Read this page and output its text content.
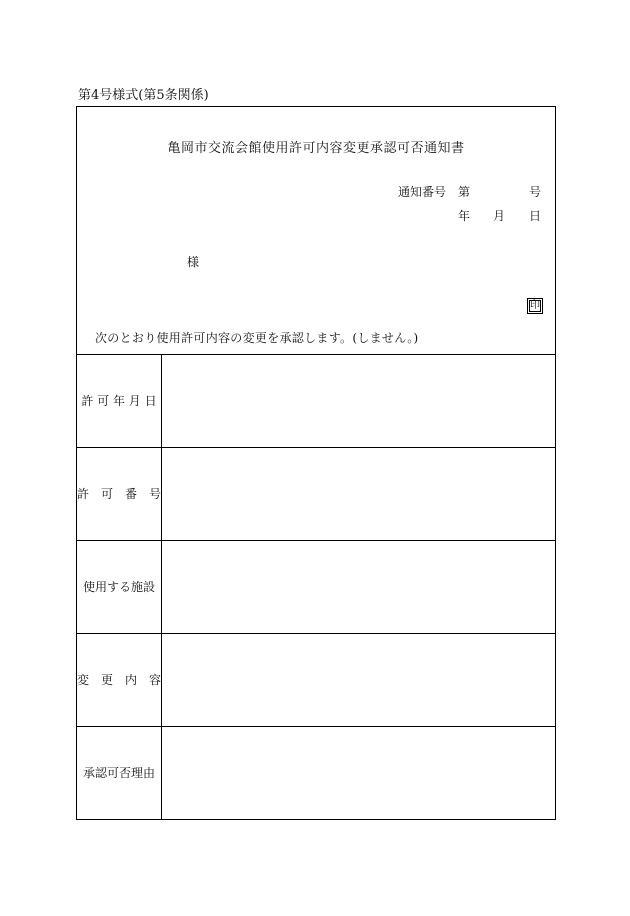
第4号様式(第5条関係)
亀岡市交流会館使用許可内容変更承認可否通知書
通知番号 第	号
年 月 日
様
印
次のとおり使用許可内容の変更を承認します。(しません。)
許 可 年 月 日
許　可　番　号
使用する施設
変　更　内　容
承認可否理由
